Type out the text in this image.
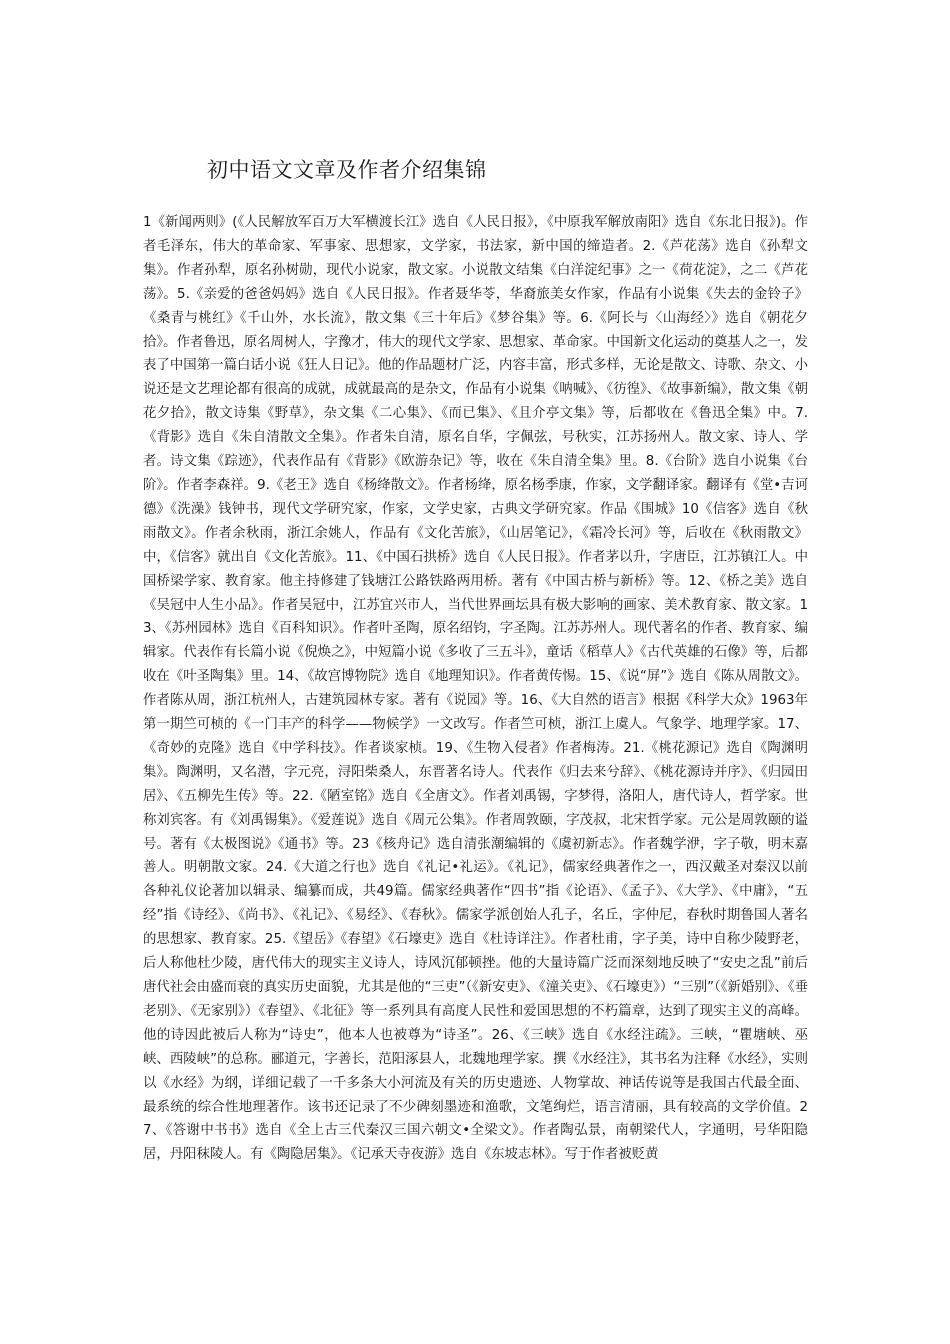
初中语文文章及作者介绍集锦

1《新闻两则》(《人民解放军百万大军横渡长江》选自《人民日报》，《中原我军解放南阳》选自《东北日报》)。作者毛泽东，伟大的革命家、军事家、思想家，文学家，书法家，新中国的缔造者。2.《芦花荡》选自《孙犁文集》。作者孙犁，原名孙树勋，现代小说家，散文家。小说散文结集《白洋淀纪事》之一《荷花淀》，之二《芦花荡》。5.《亲爱的爸爸妈妈》选自《人民日报》。作者聂华苓，华裔旅美女作家，作品有小说集《失去的金铃子》《桑青与桃红》《千山外，水长流》，散文集《三十年后》《梦谷集》等。6.《阿长与〈山海经〉》选自《朝花夕拾》。作者鲁迅，原名周树人，字豫才，伟大的现代文学家、思想家、革命家。中国新文化运动的奠基人之一，发表了中国第一篇白话小说《狂人日记》。他的作品题材广泛，内容丰富，形式多样，无论是散文、诗歌、杂文、小说还是文艺理论都有很高的成就，成就最高的是杂文，作品有小说集《呐喊》、《彷徨》、《故事新编》，散文集《朝花夕拾》，散文诗集《野草》，杂文集《二心集》、《而已集》、《且介亭文集》等，后都收在《鲁迅全集》中。7.《背影》选自《朱自清散文全集》。作者朱自清，原名自华，字佩弦，号秋实，江苏扬州人。散文家、诗人、学者。诗文集《踪迹》，代表作品有《背影》《欧游杂记》等，收在《朱自清全集》里。8.《台阶》选自小说集《台阶》。作者李森祥。9.《老王》选自《杨绛散文》。作者杨绛，原名杨季康，作家，文学翻译家。翻译有《堂•吉诃德》《洗澡》钱钟书，现代文学研究家，作家，文学史家，古典文学研究家。作品《围城》10《信客》选自《秋雨散文》。作者余秋雨，浙江余姚人，作品有《文化苦旅》，《山居笔记》，《霜冷长河》等，后收在《秋雨散文》中，《信客》就出自《文化苦旅》。11、《中国石拱桥》选自《人民日报》。作者茅以升，字唐臣，江苏镇江人。中国桥梁学家、教育家。他主持修建了钱塘江公路铁路两用桥。著有《中国古桥与新桥》等。12、《桥之美》选自《吴冠中人生小品》。作者吴冠中，江苏宜兴市人，当代世界画坛具有极大影响的画家、美术教育家、散文家。13、《苏州园林》选自《百科知识》。作者叶圣陶，原名绍钧，字圣陶。江苏苏州人。现代著名的作者、教育家、编辑家。代表作有长篇小说《倪焕之》，中短篇小说《多收了三五斗》，童话《稻草人》《古代英雄的石像》等，后都收在《叶圣陶集》里。14、《故宫博物院》选自《地理知识》。作者黄传惕。15、《说“屏”》选自《陈从周散文》。作者陈从周，浙江杭州人，古建筑园林专家。著有《说园》等。16、《大自然的语言》根据《科学大众》1963年第一期竺可桢的《一门丰产的科学——物候学》一文改写。作者竺可桢，浙江上虞人。气象学、地理学家。17、《奇妙的克隆》选自《中学科技》。作者谈家桢。19、《生物入侵者》作者梅涛。21.《桃花源记》选自《陶渊明集》。陶渊明，又名潜，字元亮，浔阳柴桑人，东晋著名诗人。代表作《归去来兮辞》、《桃花源诗并序》、《归园田居》、《五柳先生传》等。22.《陋室铭》选自《全唐文》。作者刘禹锡，字梦得，洛阳人，唐代诗人，哲学家。世称刘宾客。有《刘禹锡集》。《爱莲说》选自《周元公集》。作者周敦颐，字茂叔，北宋哲学家。元公是周敦颐的谥号。著有《太极图说》《通书》等。23《核舟记》选自清张潮编辑的《虞初新志》。作者魏学洢，字子敬，明末嘉善人。明朝散文家。24.《大道之行也》选自《礼记•礼运》。《礼记》，儒家经典著作之一，西汉戴圣对秦汉以前各种礼仪论著加以辑录、编纂而成，共49篇。儒家经典著作“四书”指《论语》、《孟子》、《大学》、《中庸》，“五经”指《诗经》、《尚书》、《礼记》、《易经》、《春秋》。儒家学派创始人孔子，名丘，字仲尼，春秋时期鲁国人著名的思想家、教育家。25.《望岳》《春望》《石壕吏》选自《杜诗详注》。作者杜甫，字子美，诗中自称少陵野老，后人称他杜少陵，唐代伟大的现实主义诗人，诗风沉郁顿挫。他的大量诗篇广泛而深刻地反映了“安史之乱”前后唐代社会由盛而衰的真实历史面貌，尤其是他的“三吏”（《新安吏》、《潼关吏》、《石壕吏》）“三别”（《新婚别》、《垂老别》、《无家别》）《春望》、《北征》等一系列具有高度人民性和爱国思想的不朽篇章，达到了现实主义的高峰。他的诗因此被后人称为“诗史”，他本人也被尊为“诗圣”。26、《三峡》选自《水经注疏》。三峡，“瞿塘峡、巫峡、西陵峡”的总称。郦道元，字善长，范阳涿县人，北魏地理学家。撰《水经注》，其书名为注释《水经》，实则以《水经》为纲，详细记载了一千多条大小河流及有关的历史遗迹、人物掌故、神话传说等是我国古代最全面、最系统的综合性地理著作。该书还记录了不少碑刻墨迹和渔歌，文笔绚烂，语言清丽，具有较高的文学价值。27、《答谢中书书》选自《全上古三代秦汉三国六朝文•全梁文》。作者陶弘景，南朝梁代人，字通明，号华阳隐居，丹阳秣陵人。有《陶隐居集》。《记承天寺夜游》选自《东坡志林》。写于作者被贬黄
